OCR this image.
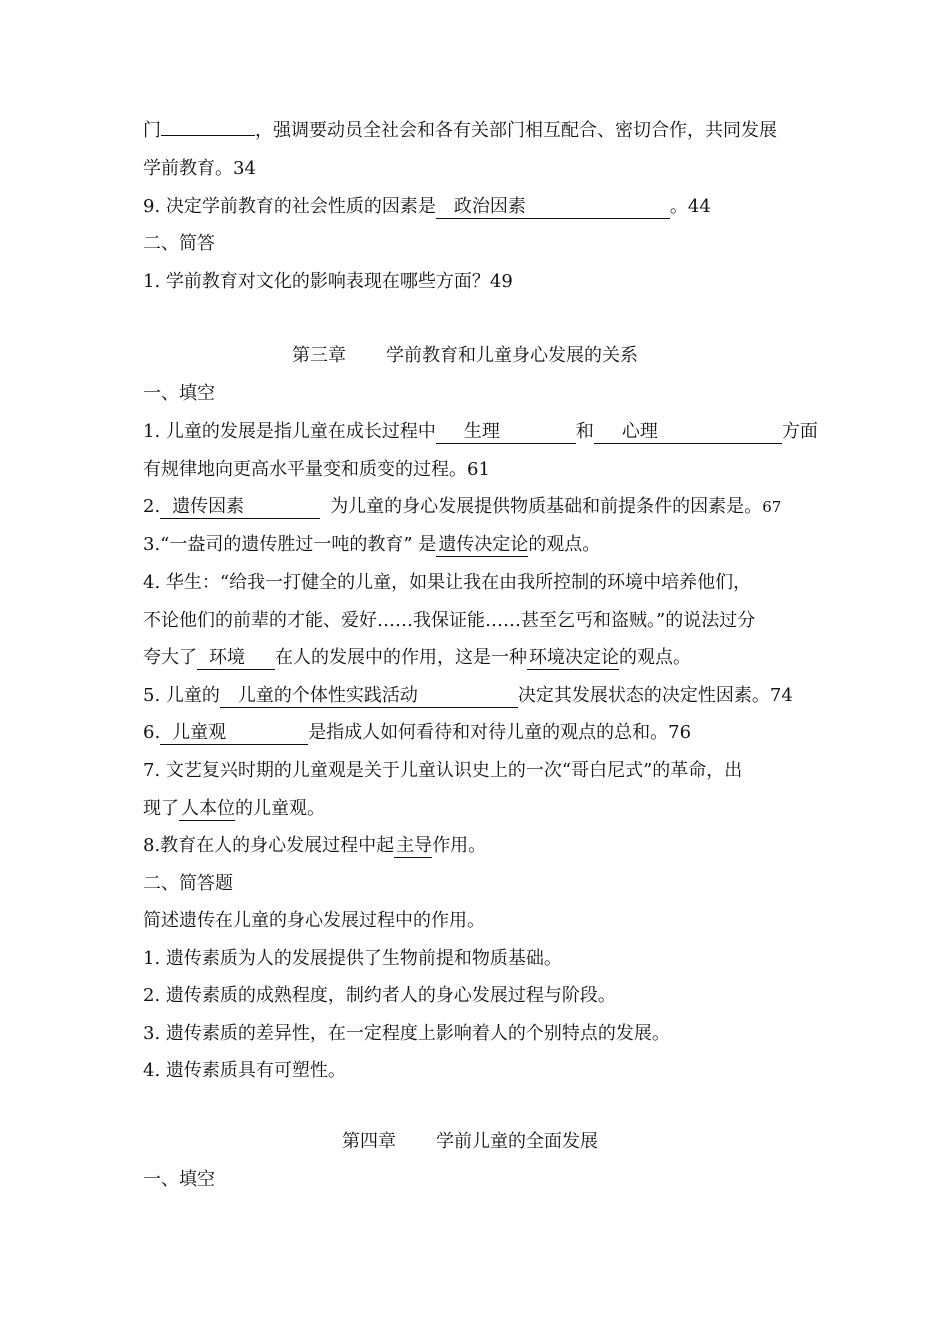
门	，强调要动员全社会和各有关部门相互配合、密切合作，共同发展
学前教育。34
9. 决定学前教育的社会性质的因素是 政治因素	。44
二、简答
1. 学前教育对文化的影响表现在哪些方面？49
第三章 学前教育和儿童身心发展的关系
一、填空
1. 儿童的发展是指儿童在成长过程中 生理	和 心理	方面
有规律地向更高水平量变和质变的过程。61
2. 遗传因素	为儿童的身心发展提供物质基础和前提条件的因素是。67
3.“一盎司的遗传胜过一吨的教育” 是 遗传决定论的观点。
4. 华生：“给我一打健全的儿童，如果让我在由我所控制的环境中培养他们，
不论他们的前辈的才能、爱好……我保证能……甚至乞丐和盗贼。”的说法过分
夸大了 环境 在人的发展中的作用，这是一种 环境决定论的观点。
5. 儿童的 儿童的个体性实践活动	决定其发展状态的决定性因素。74
6. 儿童观	是指成人如何看待和对待儿童的观点的总和。76
7. 文艺复兴时期的儿童观是关于儿童认识史上的一次“哥白尼式”的革命，出
现了 人本位的儿童观。
8.教育在人的身心发展过程中起 主导作用。
二、简答题
简述遗传在儿童的身心发展过程中的作用。
1. 遗传素质为人的发展提供了生物前提和物质基础。
2. 遗传素质的成熟程度，制约者人的身心发展过程与阶段。
3. 遗传素质的差异性，在一定程度上影响着人的个别特点的发展。
4. 遗传素质具有可塑性。
第四章 学前儿童的全面发展
一、填空
